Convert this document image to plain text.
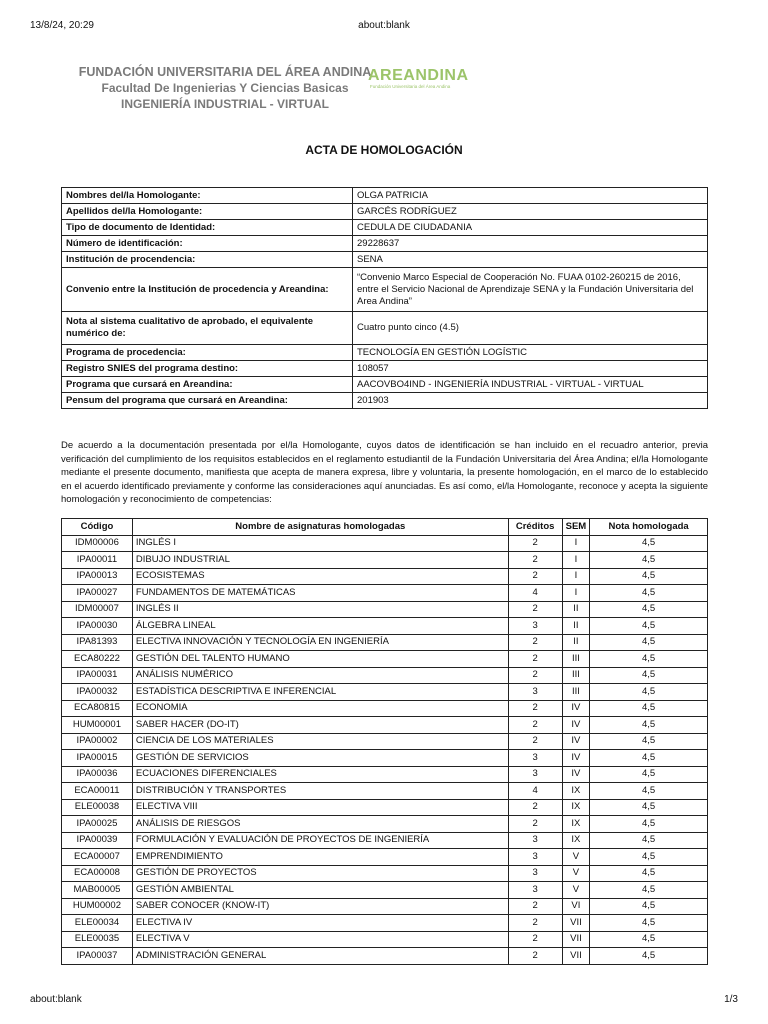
13/8/24, 20:29	about:blank
FUNDACIÓN UNIVERSITARIA DEL ÁREA ANDINA
Facultad De Ingenierias Y Ciencias Basicas
INGENIERÍA INDUSTRIAL - VIRTUAL
AREANDINA
Fundación Universitaria del Área Andina
ACTA DE HOMOLOGACIÓN
Nombres del/la Homologante:	OLGA PATRICIA
Apellidos del/la Homologante:	GARCÉS RODRÍGUEZ
Tipo de documento de Identidad:	CEDULA DE CIUDADANIA
Número de identificación:	29228637
Institución de procendencia:	SENA
Convenio entre la Institución de procedencia y Areandina:	“Convenio Marco Especial de Cooperación No. FUAA 0102-260215 de 2016, entre el Servicio Nacional de Aprendizaje SENA y la Fundación Universitaria del Area Andina”
Nota al sistema cualitativo de aprobado, el equivalente numérico de:	Cuatro punto cinco (4.5)
Programa de procedencia:	TECNOLOGÍA EN GESTIÓN LOGÍSTIC
Registro SNIES del programa destino:	108057
Programa que cursará en Areandina:	AACOVBO4IND - INGENIERÍA INDUSTRIAL - VIRTUAL - VIRTUAL
Pensum del programa que cursará en Areandina:	201903
De acuerdo a la documentación presentada por el/la Homologante, cuyos datos de identificación se han incluido en el recuadro anterior, previa verificación del cumplimiento de los requisitos establecidos en el reglamento estudiantil de la Fundación Universitaria del Área Andina; el/la Homologante mediante el presente documento, manifiesta que acepta de manera expresa, libre y voluntaria, la presente homologación, en el marco de lo establecido en el acuerdo identificado previamente y conforme las consideraciones aquí anunciadas. Es así como, el/la Homologante, reconoce y acepta la siguiente homologación y reconocimiento de competencias:
Código	Nombre de asignaturas homologadas	Créditos	SEM	Nota homologada
IDM00006	INGLÉS I	2	I	4,5
IPA00011	DIBUJO INDUSTRIAL	2	I	4,5
IPA00013	ECOSISTEMAS	2	I	4,5
IPA00027	FUNDAMENTOS DE MATEMÁTICAS	4	I	4,5
IDM00007	INGLÉS II	2	II	4,5
IPA00030	ÁLGEBRA LINEAL	3	II	4,5
IPA81393	ELECTIVA INNOVACIÓN Y TECNOLOGÍA EN INGENIERÍA	2	II	4,5
ECA80222	GESTIÓN DEL TALENTO HUMANO	2	III	4,5
IPA00031	ANÁLISIS NUMÉRICO	2	III	4,5
IPA00032	ESTADÍSTICA DESCRIPTIVA E INFERENCIAL	3	III	4,5
ECA80815	ECONOMIA	2	IV	4,5
HUM00001	SABER HACER (DO-IT)	2	IV	4,5
IPA00002	CIENCIA DE LOS MATERIALES	2	IV	4,5
IPA00015	GESTIÓN DE SERVICIOS	3	IV	4,5
IPA00036	ECUACIONES DIFERENCIALES	3	IV	4,5
ECA00011	DISTRIBUCIÓN Y TRANSPORTES	4	IX	4,5
ELE00038	ELECTIVA VIII	2	IX	4,5
IPA00025	ANÁLISIS DE RIESGOS	2	IX	4,5
IPA00039	FORMULACIÓN Y EVALUACIÓN DE PROYECTOS DE INGENIERÍA	3	IX	4,5
ECA00007	EMPRENDIMIENTO	3	V	4,5
ECA00008	GESTIÓN DE PROYECTOS	3	V	4,5
MAB00005	GESTIÓN AMBIENTAL	3	V	4,5
HUM00002	SABER CONOCER (KNOW-IT)	2	VI	4,5
ELE00034	ELECTIVA IV	2	VII	4,5
ELE00035	ELECTIVA V	2	VII	4,5
IPA00037	ADMINISTRACIÓN GENERAL	2	VII	4,5
about:blank	1/3
